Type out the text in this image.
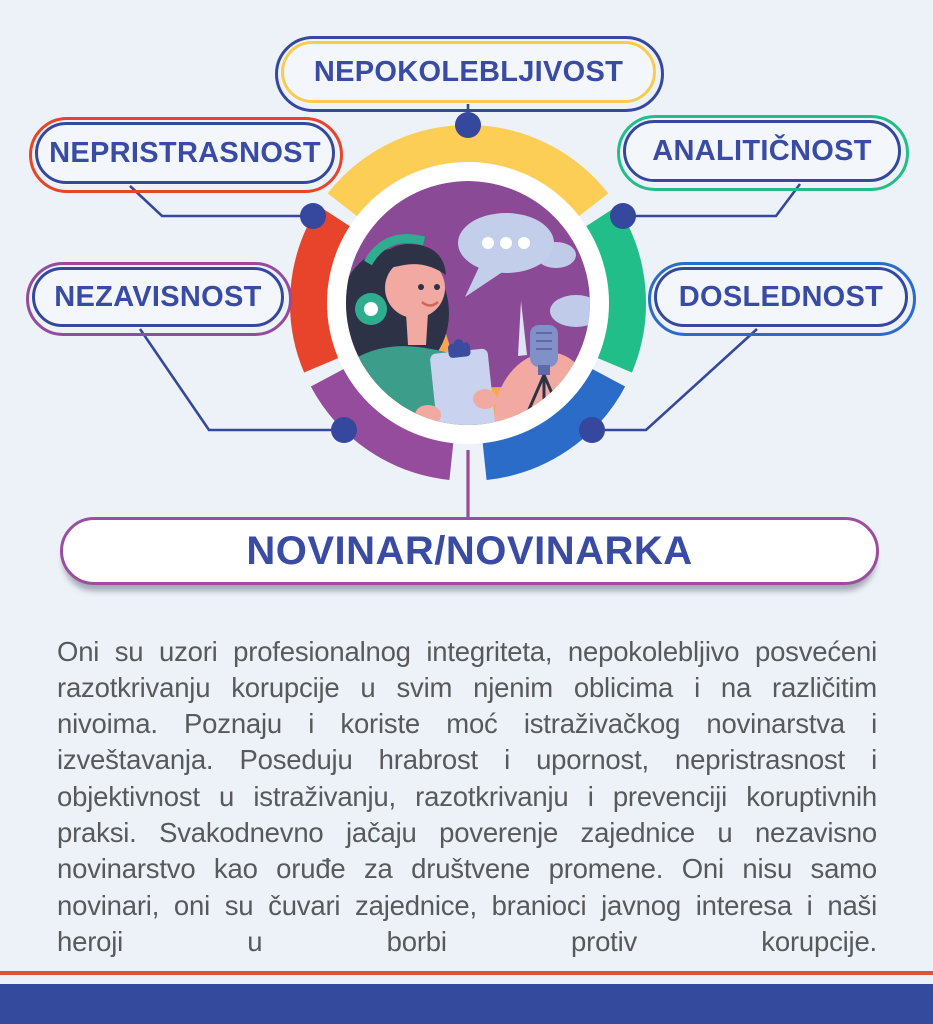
NEPOKOLEBLJIVOST
NEPRISTRASNOST	ANALITIČNOST
NEZAVISNOST	DOSLEDNOST
NOVINAR/NOVINARKA

Oni su uzori profesionalnog integriteta, nepokolebljivo posvećeni razotkrivanju korupcije u svim njenim oblicima i na različitim nivoima. Poznaju i koriste moć istraživačkog novinarstva i izveštavanja. Poseduju hrabrost i upornost, nepristrasnost i objektivnost u istraživanju, razotkrivanju i prevenciji koruptivnih praksi. Svakodnevno jačaju poverenje zajednice u nezavisno novinarstvo kao oruđe za društvene promene. Oni nisu samo novinari, oni su čuvari zajednice, branioci javnog interesa i naši heroji u borbi protiv korupcije.
